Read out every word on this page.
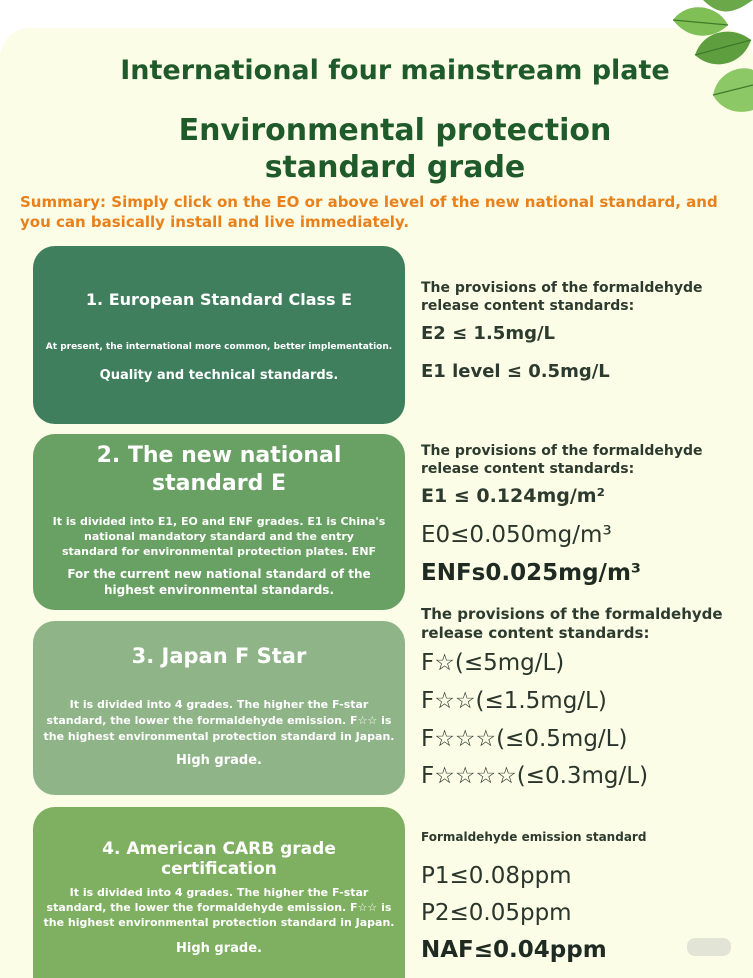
International four mainstream plate
Environmental protection
standard grade
Summary: Simply click on the EO or above level of the new national standard, and you can basically install and live immediately.
1. European Standard Class E
At present, the international more common, better implementation.
Quality and technical standards.
2. The new national
standard E
It is divided into E1, EO and ENF grades. E1 is China's
national mandatory standard and the entry
standard for environmental protection plates. ENF
For the current new national standard of the
highest environmental standards.
3. Japan F Star
It is divided into 4 grades. The higher the F-star
standard, the lower the formaldehyde emission. F☆☆ is
the highest environmental protection standard in Japan.
High grade.
4. American CARB grade certification
It is divided into 4 grades. The higher the F-star
standard, the lower the formaldehyde emission. F☆☆ is
the highest environmental protection standard in Japan.
High grade.
The provisions of the formaldehyde
release content standards:
E2 ≤ 1.5mg/L
E1 level ≤ 0.5mg/L
The provisions of the formaldehyde
release content standards:
E1 ≤ 0.124mg/m²
E0≤0.050mg/m³
ENFs0.025mg/m³
The provisions of the formaldehyde
release content standards:
F☆(≤5mg/L)
F☆☆(≤1.5mg/L)
F☆☆☆(≤0.5mg/L)
F☆☆☆☆(≤0.3mg/L)
Formaldehyde emission standard
P1≤0.08ppm
P2≤0.05ppm
NAF≤0.04ppm
